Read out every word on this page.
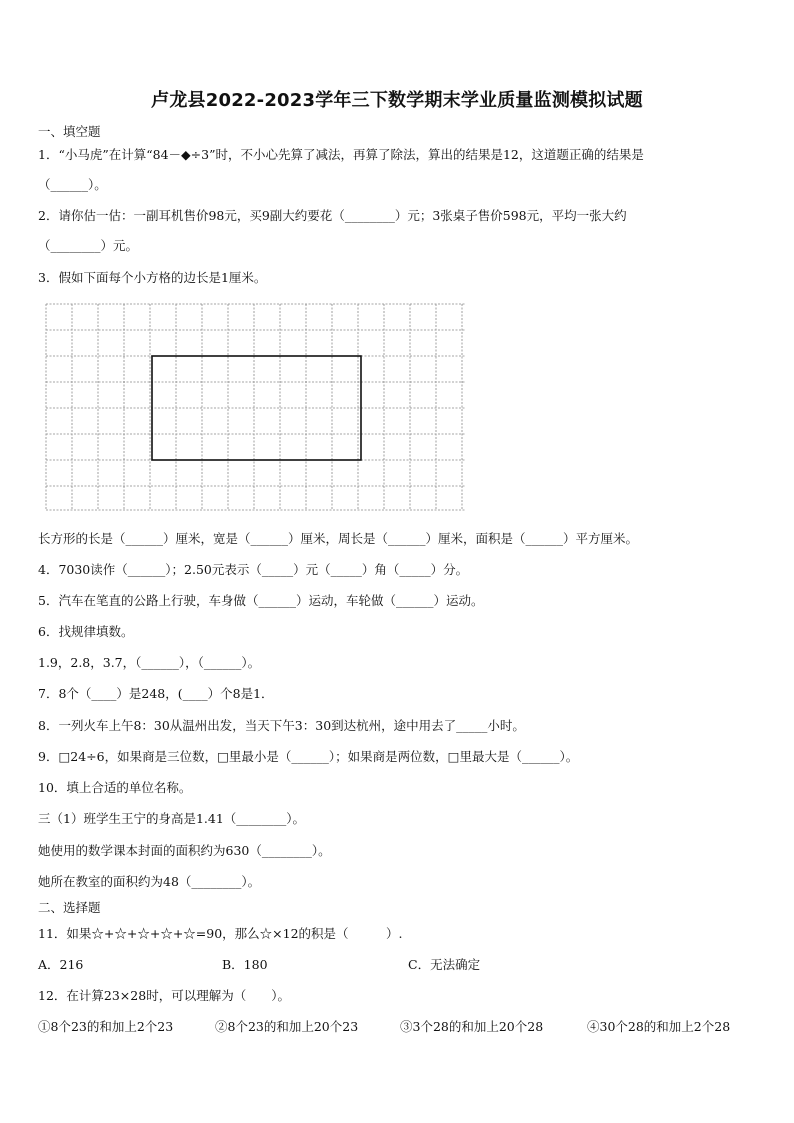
卢龙县2022-2023学年三下数学期末学业质量监测模拟试题
一、填空题
1．“小马虎”在计算“84－◆÷3”时，不小心先算了减法，再算了除法，算出的结果是12，这道题正确的结果是
（______）。
2．请你估一估：一副耳机售价98元，买9副大约要花（________）元；3张桌子售价598元，平均一张大约
（________）元。
3．假如下面每个小方格的边长是1厘米。
长方形的长是（______）厘米，宽是（______）厘米，周长是（______）厘米，面积是（______）平方厘米。
4．7030读作（______）；2.50元表示（_____）元（_____）角（_____）分。
5．汽车在笔直的公路上行驶，车身做（______）运动，车轮做（______）运动。
6．找规律填数。
1.9，2.8，3.7，（______），（______）。
7．8个（____）是248，(____）个8是1．
8．一列火车上午8：30从温州出发，当天下午3：30到达杭州，途中用去了_____小时。
9．□24÷6，如果商是三位数，□里最小是（______）；如果商是两位数，□里最大是（______）。
10．填上合适的单位名称。
三（1）班学生王宁的身高是1.41（________）。
她使用的数学课本封面的面积约为630（________）。
她所在教室的面积约为48（________）。
二、选择题
11．如果☆+☆+☆+☆+☆=90，那么☆×12的积是（　　　）.
A．216	B．180	C．无法确定
12．在计算23×28时，可以理解为（　　）。
①8个23的和加上2个23	②8个23的和加上20个23	③3个28的和加上20个28	④30个28的和加上2个28
